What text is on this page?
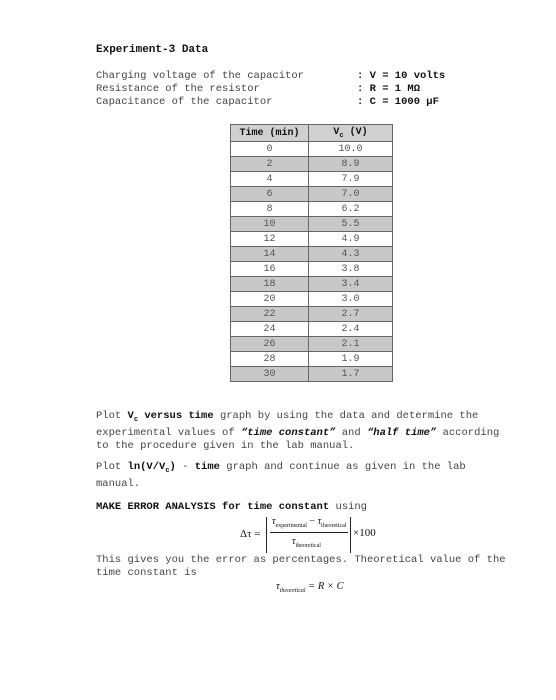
Experiment-3 Data
Charging voltage of the capacitor	: V = 10 volts
Resistance of the resistor	: R = 1 MΩ
Capacitance of the capacitor	: C = 1000 µF
Time (min)	$V_c$ (V)
0	10.0
2	8.9
4	7.9
6	7.0
8	6.2
10	5.5
12	4.9
14	4.3
16	3.8
18	3.4
20	3.0
22	2.7
24	2.4
26	2.1
28	1.9
30	1.7
Plot $V_c$ versus time graph by using the data and determine the experimental values of “time constant” and “half time” according to the procedure given in the lab manual.
Plot $\ln(V/V_c)$ - time graph and continue as given in the lab manual.
MAKE ERROR ANALYSIS for time constant using
Δτ =
$\tau_{experimental} - \tau_{theoretical}$
$\tau_{theoretical}$
×100
This gives you the error as percentages. Theoretical value of the time constant is
$\tau_{theoretical} = R \times C$
